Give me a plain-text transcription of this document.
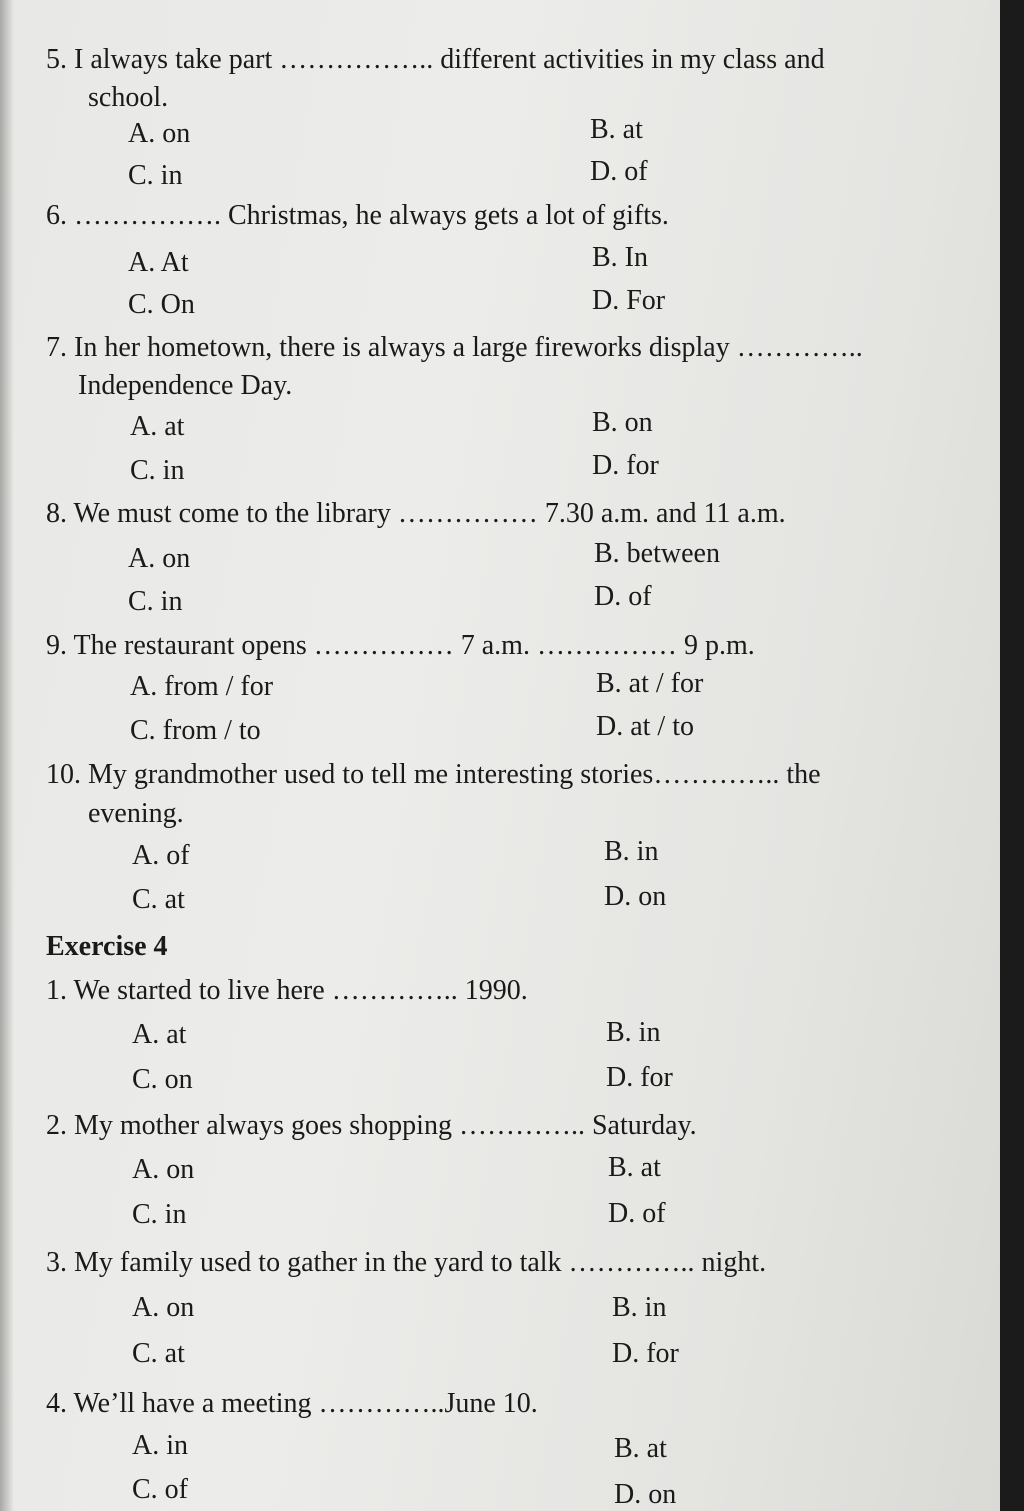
5. I always take part …………….. different activities in my class and
school.
A. on	B. at
C. in	D. of
6. ……………. Christmas, he always gets a lot of gifts.
A. At	B. In
C. On	D. For
7. In her hometown, there is always a large fireworks display …………..
Independence Day.
A. at	B. on
C. in	D. for
8. We must come to the library …………… 7.30 a.m. and 11 a.m.
A. on	B. between
C. in	D. of
9. The restaurant opens …………… 7 a.m. …………… 9 p.m.
A. from / for	B. at / for
C. from / to	D. at / to
10. My grandmother used to tell me interesting stories………….. the
evening.
A. of	B. in
C. at	D. on
Exercise 4
1. We started to live here ………….. 1990.
A. at	B. in
C. on	D. for
2. My mother always goes shopping ………….. Saturday.
A. on	B. at
C. in	D. of
3. My family used to gather in the yard to talk ………….. night.
A. on	B. in
C. at	D. for
4. We’ll have a meeting …………..June 10.
A. in	B. at
C. of	D. on
